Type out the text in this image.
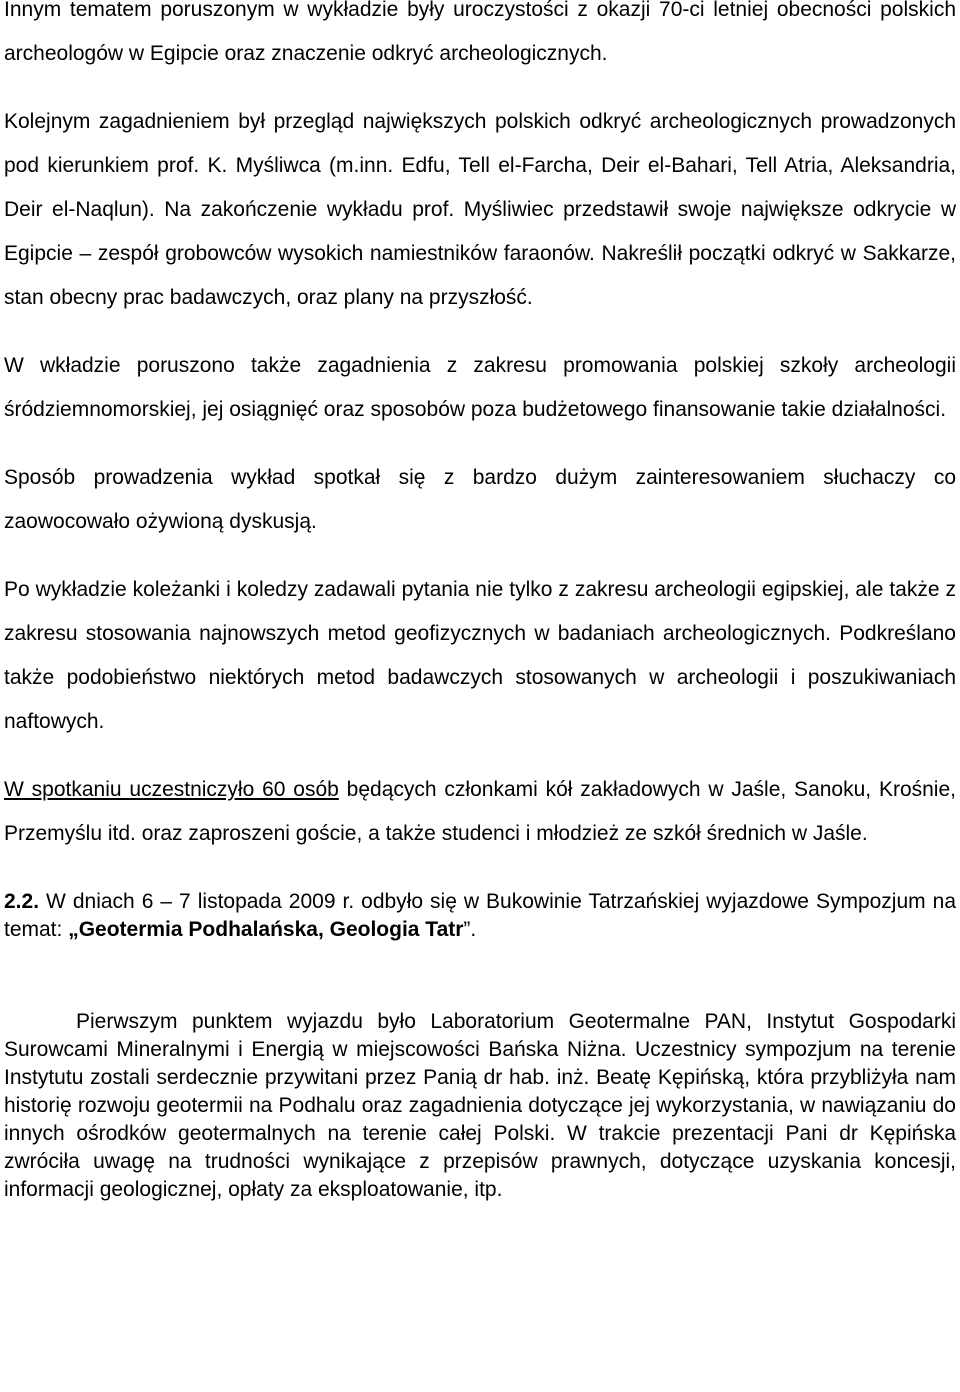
Innym tematem poruszonym w wykładzie były uroczystości z okazji 70-ci letniej obecności polskich archeologów w Egipcie oraz znaczenie odkryć archeologicznych.

Kolejnym zagadnieniem był przegląd największych polskich odkryć archeologicznych prowadzonych pod kierunkiem prof. K. Myśliwca (m.inn. Edfu, Tell el-Farcha, Deir el-Bahari, Tell Atria, Aleksandria, Deir el-Naqlun). Na zakończenie wykładu prof. Myśliwiec przedstawił swoje największe odkrycie w Egipcie – zespół grobowców wysokich namiestników faraonów. Nakreślił początki odkryć w Sakkarze, stan obecny prac badawczych, oraz plany na przyszłość.

W wkładzie poruszono także zagadnienia z zakresu promowania polskiej szkoły archeologii śródziemnomorskiej, jej osiągnięć oraz sposobów poza budżetowego finansowanie takie działalności.

Sposób prowadzenia wykład spotkał się z bardzo dużym zainteresowaniem słuchaczy co zaowocowało ożywioną dyskusją.

Po wykładzie koleżanki i koledzy zadawali pytania nie tylko z zakresu archeologii egipskiej, ale także z zakresu stosowania najnowszych metod geofizycznych w badaniach archeologicznych. Podkreślano także podobieństwo niektórych metod badawczych stosowanych w archeologii i poszukiwaniach naftowych.

W spotkaniu uczestniczyło 60 osób będących członkami kół zakładowych w Jaśle, Sanoku, Krośnie, Przemyślu itd. oraz zaproszeni goście, a także studenci i młodzież ze szkół średnich w Jaśle.

2.2. W dniach 6 – 7 listopada 2009 r. odbyło się w Bukowinie Tatrzańskiej wyjazdowe Sympozjum na temat: „Geotermia Podhalańska, Geologia Tatr”.

Pierwszym punktem wyjazdu było Laboratorium Geotermalne PAN, Instytut Gospodarki Surowcami Mineralnymi i Energią w miejscowości Bańska Niżna. Uczestnicy sympozjum na terenie Instytutu zostali serdecznie przywitani przez Panią dr hab. inż. Beatę Kępińską, która przybliżyła nam historię rozwoju geotermii na Podhalu oraz zagadnienia dotyczące jej wykorzystania, w nawiązaniu do innych ośrodków geotermalnych na terenie całej Polski. W trakcie prezentacji Pani dr Kępińska zwróciła uwagę na trudności wynikające z przepisów prawnych, dotyczące uzyskania koncesji, informacji geologicznej, opłaty za eksploatowanie, itp.
